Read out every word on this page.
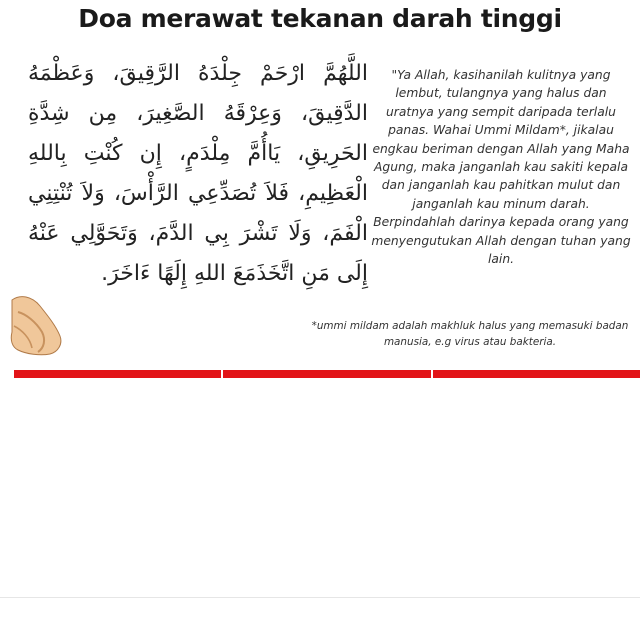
Doa merawat tekanan darah tinggi
اللَّهُمَّ ارْحَمْ جِلْدَهُ الرَّقِيقَ، وَعَظْمَهُ الدَّقِيقَ، وَعِرْقَهُ الصَّغِيرَ، مِن شِدَّةِ الحَرِيقِ، يَاأُمَّ مِلْدَمٍ، إِن كُنْتِ بِاللهِ الْعَظِيمِ، فَلاَ تُصَدِّعِي الرَّأْسَ، وَلاَ تُنْتِنِي الْفَمَ، وَلَا تَشْرَ بِي الدَّمَ، وَتَحَوَّلِي عَنْهُ إِلَى مَنِ اتَّخَذَمَعَ اللهِ إِلَهًا ءَاخَرَ.
"Ya Allah, kasihanilah kulitnya yang lembut, tulangnya yang halus dan uratnya yang sempit daripada terlalu panas. Wahai Ummi Mildam*, jikalau engkau beriman dengan Allah yang Maha Agung, maka janganlah kau sakiti kepala dan janganlah kau pahitkan mulut dan janganlah kau minum darah. Berpindahlah darinya kepada orang yang menyengutukan Allah dengan tuhan yang lain.
*ummi mildam adalah makhluk halus yang memasuki badan manusia, e.g virus atau bakteria.
